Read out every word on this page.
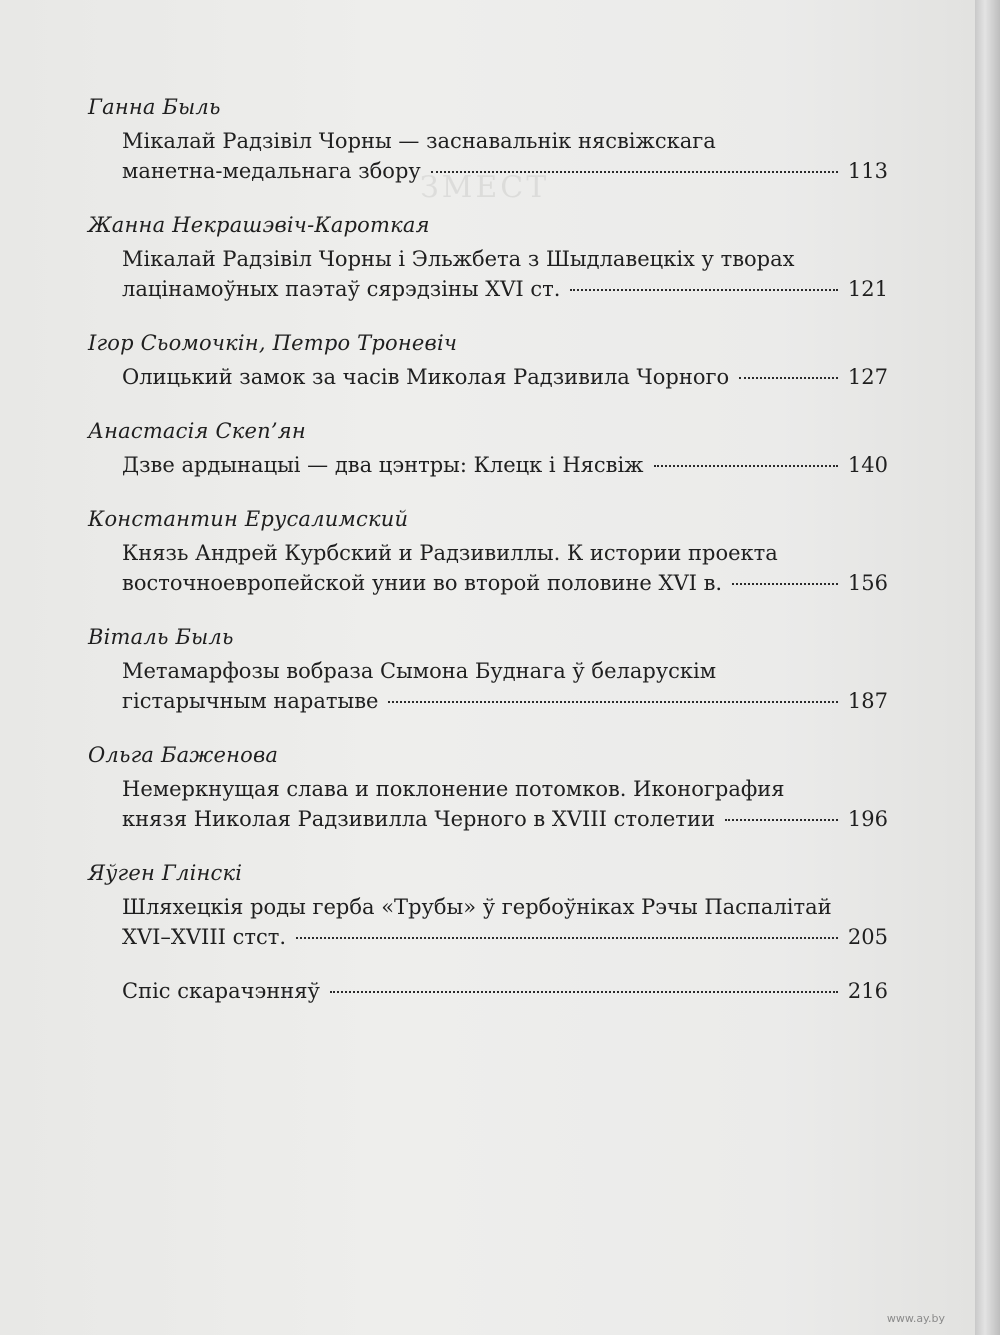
ЗМЕСТ
Ганна Быль
Мікалай Радзівіл Чорны — заснавальнік нясвіжскага
манетна-медальнага збору	113
Жанна Некрашэвіч-Кароткая
Мікалай Радзівіл Чорны і Эльжбета з Шыдлавецкіх у творах
лацінамоўных паэтаў сярэдзіны XVI ст.	121
Ігор Сьомочкін, Петро Троневіч
Олицький замок за часів Миколая Радзивила Чорного	127
Анастасія Скеп’ян
Дзве ардынацыі — два цэнтры: Клецк і Нясвіж	140
Константин Ерусалимский
Князь Андрей Курбский и Радзивиллы. К истории проекта
восточноевропейской унии во второй половине XVI в.	156
Віталь Быль
Метамарфозы вобраза Сымона Буднага ў беларускім
гістарычным наратыве	187
Ольга Баженова
Немеркнущая слава и поклонение потомков. Иконография
князя Николая Радзивилла Черного в XVIII столетии	196
Яўген Глінскі
Шляхецкія роды герба «Трубы» ў гербоўніках Рэчы Паспалітай
XVI–XVIII стст.	205
Спіс скарачэнняў	216
www.ay.by
